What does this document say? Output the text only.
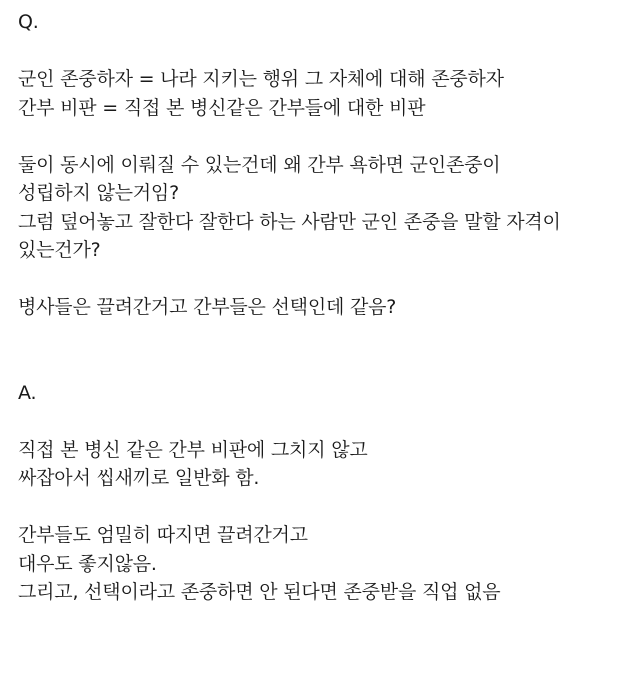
Q.
군인 존중하자 = 나라 지키는 행위 그 자체에 대해 존중하자
간부 비판 = 직접 본 병신같은 간부들에 대한 비판
둘이 동시에 이뤄질 수 있는건데 왜 간부 욕하면 군인존중이
성립하지 않는거임?
그럼 덮어놓고 잘한다 잘한다 하는 사람만 군인 존중을 말할 자격이
있는건가?
병사들은 끌려간거고 간부들은 선택인데 같음?
A.
직접 본 병신 같은 간부 비판에 그치지 않고
싸잡아서 씹새끼로 일반화 함.
간부들도 엄밀히 따지면 끌려간거고
대우도 좋지않음.
그리고, 선택이라고 존중하면 안 된다면 존중받을 직업 없음
